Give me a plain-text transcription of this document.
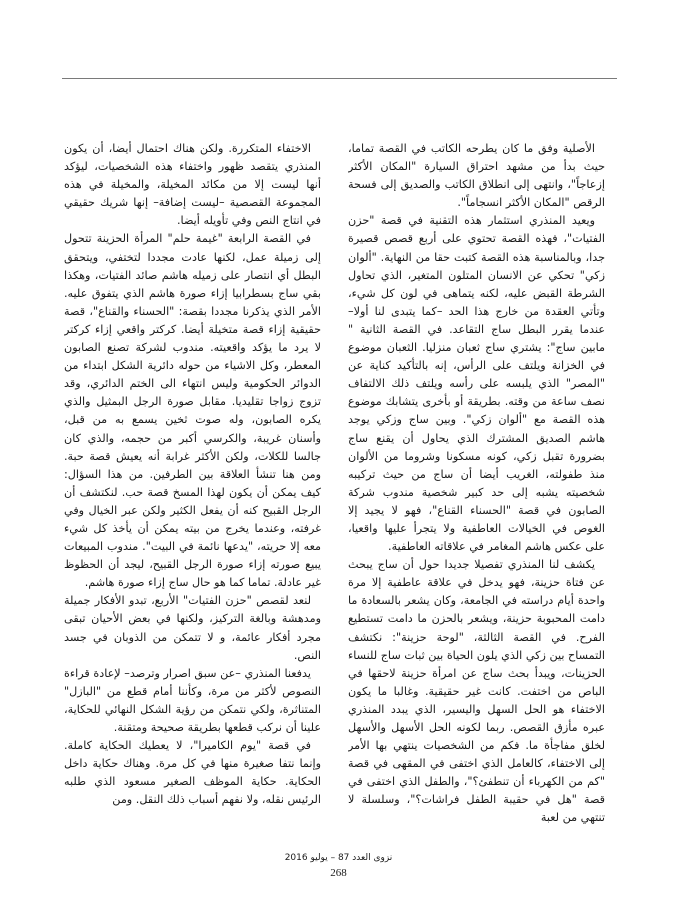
الأصلية وفق ما كان يطرحه الكاتب في القصة تماما، حيث بدأ من مشهد احتراق السيارة "المكان الأكثر إزعاجاً"، وانتهى إلى انطلاق الكاتب والصديق إلى فسحة الرقص "المكان الأكثر انسجاماً".

ويعيد المنذري استثمار هذه التقنية في قصة "حزن الفتيات"، فهذه القصة تحتوي على أربع قصص قصيرة جدا، وبالمناسبة هذه القصة كتبت حقا من النهاية. "ألوان زكي" تحكي عن الانسان المتلون المتغير، الذي تحاول الشرطة القبض عليه، لكنه يتماهى في لون كل شيء، وتأتي العقدة من خارج هذا الحد –كما يتبدى لنا أولا– عندما يقرر البطل ساج التقاعد. في القصة الثانية " مابين ساج": يشتري ساج ثعبان منزليا. الثعبان موضوع في الخزانة ويلتف على الرأس، إنه بالتأكيد كناية عن "المصر" الذي يلبسه على رأسه ويلتف ذلك الالتفاف نصف ساعة من وقته. بطريقة أو بأخرى يتشابك موضوع هذه القصة مع "ألوان زكي". وبين ساج وزكي يوجد هاشم الصديق المشترك الذي يحاول أن يقنع ساج بضرورة تقبل زكي، كونه مسكونا وشروما من الألوان منذ طفولته، الغريب أيضا أن ساج من حيث تركيبه شخصيته يشبه إلى حد كبير شخصية مندوب شركة الصابون في قصة "الحسناء القناع"، فهو لا يجيد إلا الغوص في الخيالات العاطفية ولا يتجرأ عليها واقعيا، على عكس هاشم المغامر في علاقاته العاطفية.

يكشف لنا المنذري تفصيلا جديدا حول أن ساج يبحث عن فتاة حزينة، فهو يدخل في علاقة عاطفية إلا مرة واحدة أيام دراسته في الجامعة، وكان يشعر بالسعادة ما دامت المحبوبة حزينة، ويشعر بالحزن ما دامت تستطيع الفرح. في القصة الثالثة، "لوحة حزينة": نكتشف التمساح بين زكي الذي يلون الحياة بين ثبات ساج للنساء الحزينات، ويبدأ بحث ساج عن امرأة حزينة لاحقها في الباص من اختفت. كانت غير حقيقية. وغالبا ما يكون الاختفاء هو الحل السهل واليسير، الذي يبدد المنذري عبره مأزق القصص. ربما لكونه الحل الأسهل والأسهل لخلق مفاجأة ما. فكم من الشخصيات ينتهي بها الأمر إلى الاختفاء، كالعامل الذي اختفى في المقهى في قصة "كم من الكهرباء أن تنطفئ؟"، والطفل الذي اختفى في قصة "هل في حقيبة الطفل فراشات؟"، وسلسلة لا تنتهي من لعبة

الاختفاء المتكررة. ولكن هناك احتمال أيضا، أن يكون المنذري يتقصد ظهور واختفاء هذه الشخصيات، ليؤكد أنها ليست إلا من مكائد المخيلة، والمخيلة في هذه المجموعة القصصية –ليست إضافة– إنها شريك حقيقي في انتاج النص وفي تأويله أيضا.

في القصة الرابعة "غيمة حلم" المرأة الحزينة تتحول إلى زميلة عمل، لكنها عادت مجددا لتختفي، ويتحقق البطل أي انتصار على زميله هاشم صائد الفتيات، وهكذا بقي ساج بسطرابيا إزاء صورة هاشم الذي يتفوق عليه. الأمر الذي يذكرنا مجددا بقصة: "الحسناء والقناع"، قصة حقيقية إزاء قصة متخيلة أيضا. كركتر واقعي إزاء كركتر لا يرد ما يؤكد واقعيته. مندوب لشركة تصنع الصابون المعطر، وكل الاشياء من حوله دائرية الشكل ابتداء من الدوائر الحكومية وليس انتهاء الى الختم الدائري، وقد تزوج زواجا تقليديا. مقابل صورة الرجل البمثيل والذي يكره الصابون، وله صوت ثخين يسمع به من قبل، وأسنان غريبة، والكرسي أكبر من حجمه، والذي كان جالسا للكلات، ولكن الأكثر غرابة أنه يعيش قصة حبة. ومن هنا تنشأ العلاقة بين الطرفين. من هذا السؤال: كيف يمكن أن يكون لهذا المسخ قصة حب. لنكتشف أن الرجل القبيح كنه أن يفعل الكثير ولكن عبر الخيال وفي غرفته، وعندما يخرج من بيته يمكن أن يأخذ كل شيء معه إلا حريته، "يدعها نائمة في البيت". مندوب المبيعات يبيع صورته إزاء صورة الرجل القبيح، ليجد أن الحظوظ غير عادلة. تماما كما هو حال ساج إزاء صورة هاشم.

لنعد لقصص "حزن الفتيات" الأربع، تبدو الأفكار جميلة ومدهشة وبالغة التركيز، ولكنها في بعض الأحيان تبقى مجرد أفكار عائمة، و لا تتمكن من الذوبان في جسد النص.

يدفعنا المنذري –عن سبق اصرار وترصد– لإعادة قراءة النصوص لأكثر من مرة، وكأننا أمام قطع من "البازل" المتناثرة، ولكي نتمكن من رؤية الشكل النهائي للحكاية، علينا أن نركب قطعها بطريقة صحيحة ومتقنة.

في قصة "يوم الكاميرا"، لا يعطيك الحكاية كاملة. وإنما نتفا صغيرة منها في كل مرة. وهناك حكاية داخل الحكاية. حكاية الموظف الصغير مسعود الذي طلبه الرئيس نقله، ولا نفهم أسباب ذلك النقل. ومن

نزوى العدد 87 – يوليو 2016
268
